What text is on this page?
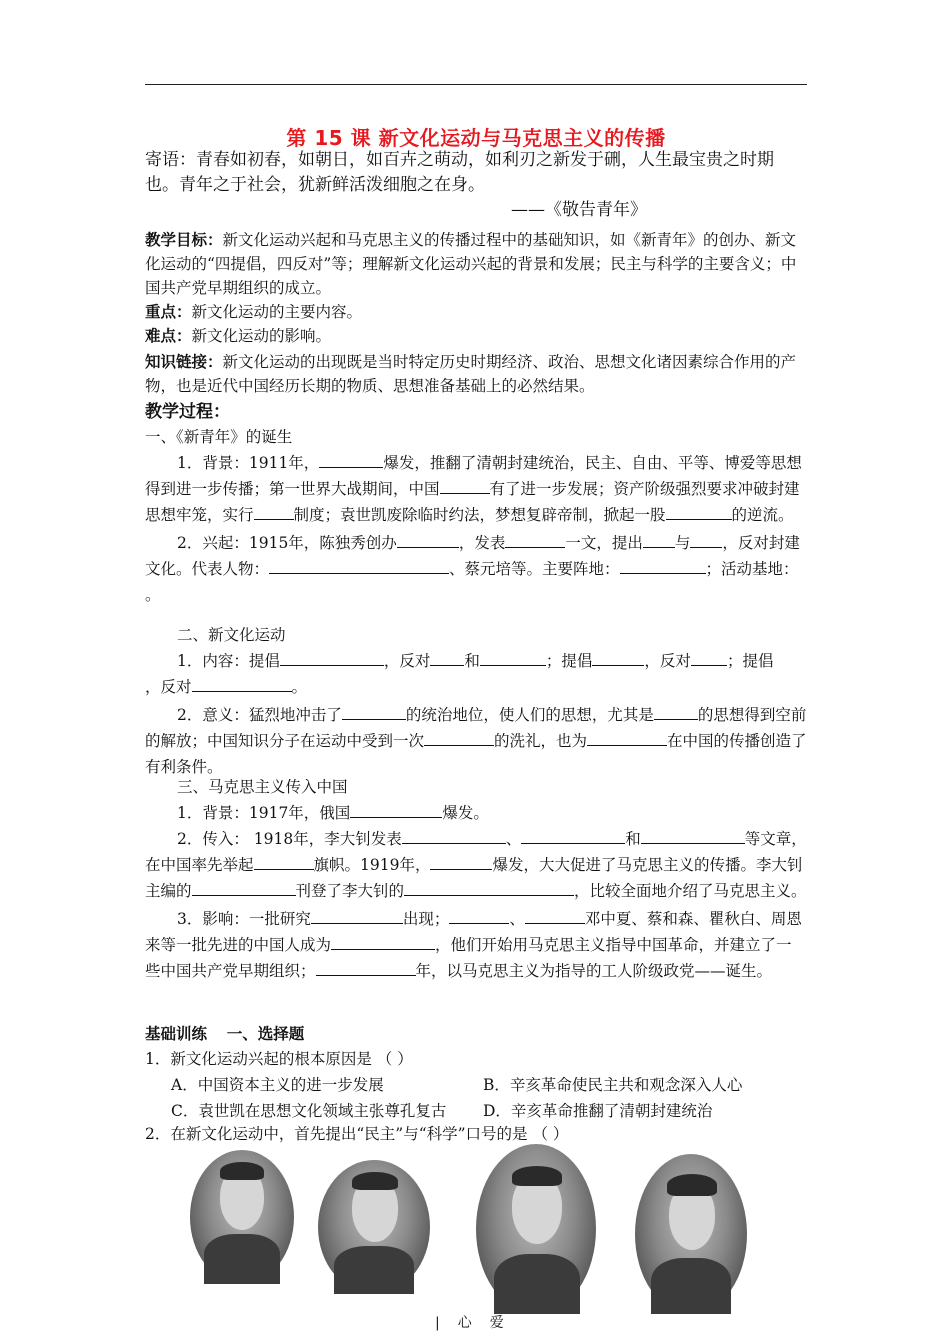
第 15 课 新文化运动与马克思主义的传播
寄语：青春如初春，如朝日，如百卉之萌动，如利刃之新发于硎，人生最宝贵之时期也。青年之于社会，犹新鲜活泼细胞之在身。
——《敬告青年》
教学目标：新文化运动兴起和马克思主义的传播过程中的基础知识，如《新青年》的创办、新文化运动的“四提倡，四反对”等；理解新文化运动兴起的背景和发展；民主与科学的主要含义；中国共产党早期组织的成立。
重点：新文化运动的主要内容。
难点：新文化运动的影响。
知识链接：新文化运动的出现既是当时特定历史时期经济、政治、思想文化诸因素综合作用的产物，也是近代中国经历长期的物质、思想准备基础上的必然结果。
教学过程：
一、《新青年》的诞生
1．背景：1911年，	爆发，推翻了清朝封建统治，民主、自由、平等、博爱等思想得到进一步传播；第一世界大战期间，中国	有了进一步发展；资产阶级强烈要求冲破封建思想牢笼，实行	制度；袁世凯废除临时约法，梦想复辟帝制，掀起一股	的逆流。
2．兴起：1915年，陈独秀创办	，发表	一文，提出 与 ，反对封建文化。代表人物：	、蔡元培等。主要阵地：	；活动基地：
。
二、新文化运动
1．内容：提倡	，反对 和	；提倡	，反对 ；提倡
，反对	。
2．意义：猛烈地冲击了	的统治地位，使人们的思想，尤其是	的思想得到空前的解放；中国知识分子在运动中受到一次	的洗礼，也为	在中国的传播创造了有利条件。
三、马克思主义传入中国
1．背景：1917年，俄国	爆发。
2．传入： 1918年，李大钊发表	、	和	等文章，在中国率先举起	旗帜。1919年，	爆发，大大促进了马克思主义的传播。李大钊主编的	刊登了李大钊的	，比较全面地介绍了马克思主义。
3．影响：一批研究	出现；	、	邓中夏、蔡和森、瞿秋白、周恩来等一批先进的中国人成为	，他们开始用马克思主义指导中国革命，并建立了一些中国共产党早期组织；	年，以马克思主义为指导的工人阶级政党——诞生。
基础训练 一、选择题
1．新文化运动兴起的根本原因是 （ ）
A．中国资本主义的进一步发展	B．辛亥革命使民主共和观念深入人心
C．袁世凯在思想文化领域主张尊孔复古	D．辛亥革命推翻了清朝封建统治
2．在新文化运动中，首先提出“民主”与“科学”口号的是 （ ）
|心爱
